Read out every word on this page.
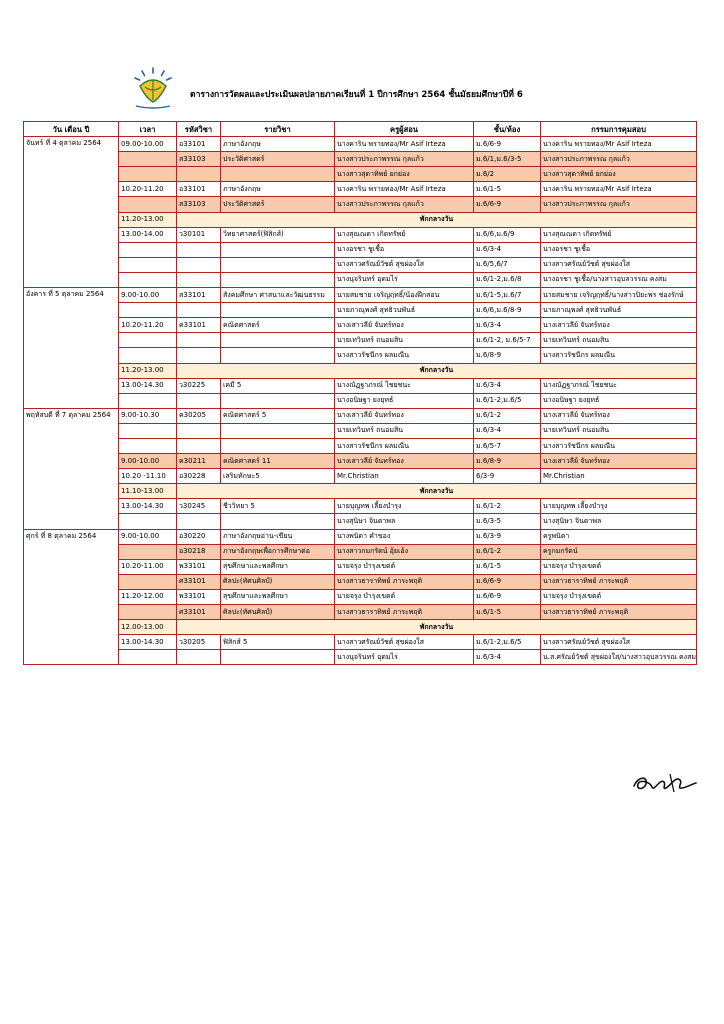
ตารางการวัดผลและประเมินผลปลายภาคเรียนที่ 1 ปีการศึกษา 2564 ชั้นมัธยมศึกษาปีที่ 6
วัน เดือน ปี	เวลา	รหัสวิชา	รายวิชา	ครูผู้สอน	ชั้น/ห้อง	กรรมการคุมสอบ
จันทร์ ที่ 4 ตุลาคม 2564	09.00-10.00	อ33101	ภาษาอังกฤษ	นางคาริน พรายทอง/Mr Asif Irteza	ม.6/6-9	นางคาริน พรายทอง/Mr Asif Irteza
		ส33103	ประวัติศาสตร์	นางสาวประภาพรรณ กุลแก้ว	ม.6/1,ม.6/3-5	นางสาวประภาพรรณ กุลแก้ว
				นางสาวสุดาทิพย์ ยกย่อง	ม.6/2	นางสาวสุดาทิพย์ ยกย่อง
	10.20-11.20	อ33101	ภาษาอังกฤษ	นางคาริน พรายทอง/Mr Asif Irteza	ม.6/1-5	นางคาริน พรายทอง/Mr Asif Irteza
		ส33103	ประวัติศาสตร์	นางสาวประภาพรรณ กุลแก้ว	ม.6/6-9	นางสาวประภาพรรณ กุลแก้ว
	11.20-13.00	พักกลางวัน				
	13.00-14.00	ว30101	วิทยาศาสตร์(ฟิสิกส์)	นางสุณณดา เกิดทรัพย์	ม.6/6,ม.6/9	นางสุณณดา เกิดทรัพย์
				นางอรชา ชูเชื้อ	ม.6/3-4	นางอรชา ชูเชื้อ
				นางสาวศรัณย์วัชต์ สุขผ่องใส	ม.6/5,6/7	นางสาวศรัณย์วัชต์ สุขผ่องใส
				นางนุจรินทร์ อุดมไร่	ม.6/1-2,ม.6/8	นางอรชา ชูเชื้อ/นางสาวอุบลวรรณ คงสม
อังคาร ที่ 5 ตุลาคม 2564	9.00-10.00	ส33101	สังคมศึกษา ศาสนาและวัฒนธรรม	นายสมชาย เจริญฤทธิ์/น้องฝึกสอน	ม.6/1-5,ม.6/7	นายสมชาย เจริญฤทธิ์/นางสาวปิยะพร ช่องรักษ์
				นายภาณุพงศ์ สุทธิวนพันธ์	ม.6/6,ม.6/8-9	นายภาณุพงศ์ สุทธิวนพันธ์
	10.20-11.20	ค33101	คณิตศาสตร์	นางเสาวลีย์ จันทร์ทอง	ม.6/3-4	นางเสาวลีย์ จันทร์ทอง
				นายเทวินทร์ ถนอมสิน	ม.6/1-2, ม.6/5-7	นายเทวินทร์ ถนอมสิน
				นางสาวรัชนีกร ผลมณีน	ม.6/8-9	นางสาวรัชนีกร ผลมณีน
	11.20-13.00	พักกลางวัน				
	13.00-14.30	ว30225	เคมี 5	นางณัฏฐาภรณ์ ไชยชนะ	ม.6/3-4	นางณัฏฐาภรณ์ ไชยชนะ
				นางอนิษฐา ยงยุทธ์	ม.6/1-2,ม.6/5	นางอนิษฐา ยงยุทธ์
พฤหัสบดี ที่ 7 ตุลาคม 2564	9.00-10.30	ค30205	คณิตศาสตร์ 5	นางเสาวลีย์ จันทร์ทอง	ม.6/1-2	นางเสาวลีย์ จันทร์ทอง
				นายเทวินทร์ ถนอมสิน	ม.6/3-4	นายเทวินทร์ ถนอมสิน
				นางสาวรัชนีกร ผลมณีน	ม.6/5-7	นางสาวรัชนีกร ผลมณีน
	9.00-10.00	ค30211	คณิตศาสตร์ 11	นางเสาวลีย์ จันทร์ทอง	ม.6/8-9	นางเสาวลีย์ จันทร์ทอง
	10.20 -11.10	อ30228	เสริมทักษะ5	Mr.Christian	6/3-9	Mr.Christian
	11.10-13.00	พักกลางวัน				
	13.00-14.30	ว30245	ชีววิทยา 5	นายบุญทพ เลี้ยงบำรุง	ม.6/1-2	นายบุญทพ เลี้ยงบำรุง
				นางสุนิษา จินดาพล	ม.6/3-5	นางสุนิษา จินดาพล
ศุกร์ ที่ 8 ตุลาคม 2564	9.00-10.00	อ30220	ภาษาอังกฤษอ่าน-เขียน	นางพนิดา คำของ	ม.6/3-9	ครูพนิดา
		อ30218	ภาษาอังกฤษเพื่อการศึกษาต่อ	นางสาวกมกรัตน์ อุ้ยเอ้ง	ม.6/1-2	ครูกมกรัตน์
	10.20-11.00	พ33101	สุขศึกษาและพลศึกษา	นายจรุง บำรุงเขตต์	ม.6/1-5	นายจรุง บำรุงเขตต์
		ศ33101	ศิลปะ(ทัศนศิลป์)	นางสาวธาราทิพย์ ภาระพฤติ	ม.6/6-9	นางสาวธาราทิพย์ ภาระพฤติ
	11.20-12.00	พ33101	สุขศึกษาและพลศึกษา	นายจรุง บำรุงเขตต์	ม.6/6-9	นายจรุง บำรุงเขตต์
		ศ33101	ศิลปะ(ทัศนศิลป์)	นางสาวธาราทิพย์ ภาระพฤติ	ม.6/1-5	นางสาวธาราทิพย์ ภาระพฤติ
	12.00-13.00	พักกลางวัน				
	13.00-14.30	ว30205	ฟิสิกส์ 5	นางสาวศรัณย์วัชต์ สุขผ่องใส	ม.6/1-2,ม.6/5	นางสาวศรัณย์วัชต์ สุขผ่องใส
				นางนุจรินทร์ อุดมไร่	ม.6/3-4	น.ส.ศรัณย์วัชต์ สุขผ่องใส/นางสาวอุบลวรรณ คงสม
